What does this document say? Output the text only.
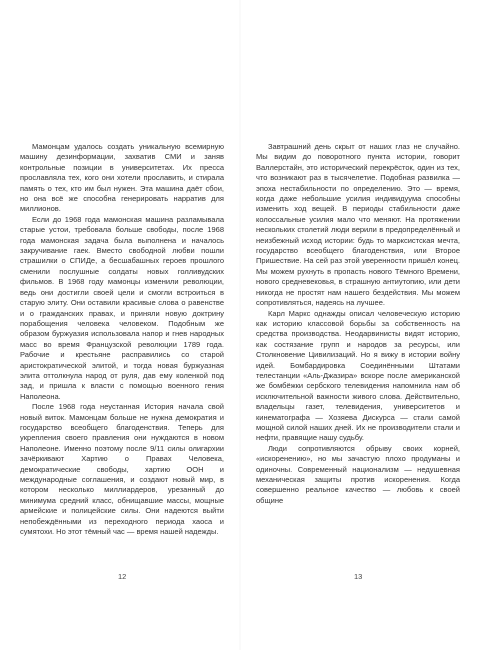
Мамонцам удалось создать уникальную всемирную машину дезинформации, захватив СМИ и заняв контрольные позиции в университетах. Их пресса прославляла тех, кого они хотели прославить, и стирала память о тех, кто им был нужен. Эта машина даёт сбои, но она всё же способна генерировать нарратив для миллионов.

Если до 1968 года мамонская машина разламывала старые устои, требовала больше свободы, после 1968 года мамонская задача была выполнена и началось закручивание гаек. Вместо свободной любви пошли страшилки о СПИДе, а бесшабашных героев прошлого сменили послушные солдаты новых голливудских фильмов. В 1968 году мамонцы изменили революции, ведь они достигли своей цели и смогли встроиться в старую элиту. Они оставили красивые слова о равенстве и о гражданских правах, и приняли новую доктрину порабощения человека человеком. Подобным же образом буржуазия использовала напор и гнев народных масс во время Французской революции 1789 года. Рабочие и крестьяне расправились со старой аристократической элитой, и тогда новая буржуазная элита оттолкнула народ от руля, дав ему коленкой под зад, и пришла к власти с помощью военного гения Наполеона.

После 1968 года неустанная История начала свой новый виток. Мамонцам больше не нужна демократия и государство всеобщего благоденствия. Теперь для укрепления своего правления они нуждаются в новом Наполеоне. Именно поэтому после 9/11 силы олигархии зачёркивают Хартию о Правах Человека, демократические свободы, хартию ООН и международные соглашения, и создают новый мир, в котором несколько миллиардеров, урезанный до минимума средний класс, обнищавшие массы, мощные армейские и полицейские силы. Они надеются выйти непобеждёнными из переходного периода хаоса и сумятохи. Но этот тёмный час — время нашей надежды.

12

Завтрашний день скрыт от наших глаз не случайно. Мы видим до поворотного пункта истории, говорит Валлерстайн, это исторический перекрёсток, один из тех, что возникают раз в тысячелетие. Подобная развилка — эпоха нестабильности по определению. Это — время, когда даже небольшие усилия индивидуума способны изменить ход вещей. В периоды стабильности даже колоссальные усилия мало что меняют. На протяжении нескольких столетий люди верили в предопределённый и неизбежный исход истории: будь то марксистская мечта, государство всеобщего благоденствия, или Второе Пришествие. На сей раз этой уверенности пришёл конец. Мы можем рухнуть в пропасть нового Тёмного Времени, нового средневековья, в страшную антиутопию, или дети никогда не простят нам нашего бездействия. Мы можем сопротивляться, надеясь на лучшее.

Карл Маркс однажды описал человеческую историю как историю классовой борьбы за собственность на средства производства. Неодарвинисты видят историю, как состязание групп и народов за ресурсы, или Столкновение Цивилизаций. Но я вижу в истории войну идей. Бомбардировка Соединёнными Штатами телестанции «Аль-Джазира» вскоре после американской же бомбёжки сербского телевидения напомнила нам об исключительной важности живого слова. Действительно, владельцы газет, телевидения, университетов и кинематографа — Хозяева Дискурса — стали самой мощной силой наших дней. Их не производители стали и нефти, правящие нашу судьбу.

Люди сопротивляются обрыву своих корней, «искоренению», но мы зачастую плохо продуманы и одиночны. Современный национализм — недушевная механическая защиты против искоренения. Когда совершенно реальное качество — любовь к своей общине

13
